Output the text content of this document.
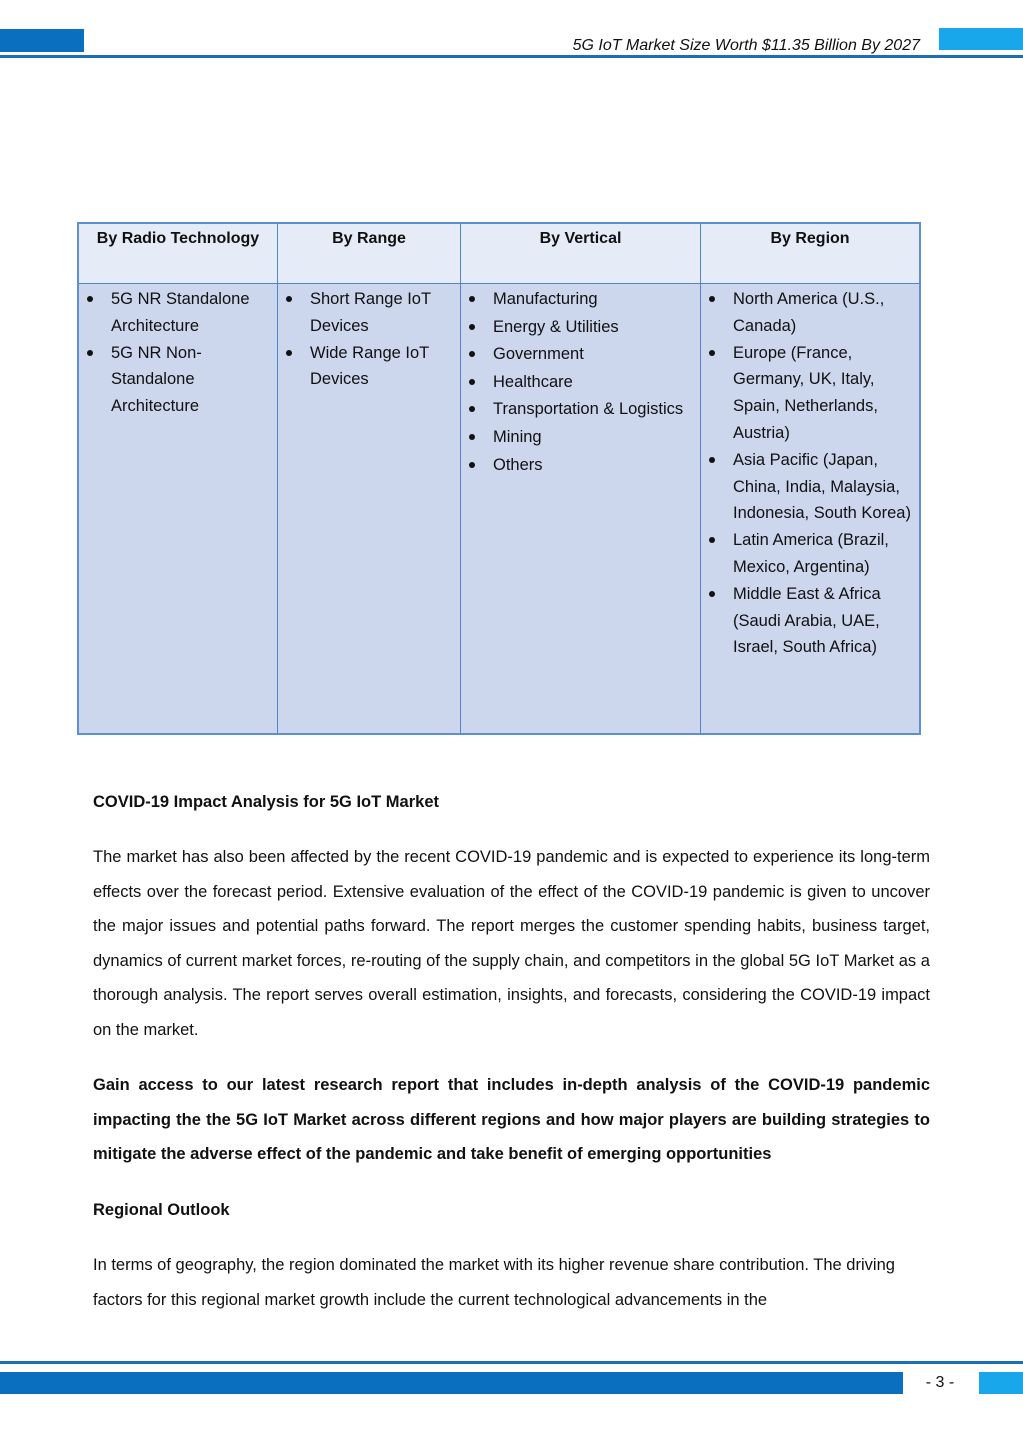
5G IoT Market Size Worth $11.35 Billion By 2027
By Radio Technology
5G NR Standalone Architecture
5G NR Non-Standalone Architecture
By Range
Short Range IoT Devices
Wide Range IoT Devices
By Vertical
Manufacturing
Energy & Utilities
Government
Healthcare
Transportation & Logistics
Mining
Others
By Region
North America (U.S., Canada)
Europe (France, Germany, UK, Italy, Spain, Netherlands, Austria)
Asia Pacific (Japan, China, India, Malaysia, Indonesia, South Korea)
Latin America (Brazil, Mexico, Argentina)
Middle East & Africa (Saudi Arabia, UAE, Israel, South Africa)
COVID-19 Impact Analysis for 5G IoT Market
The market has also been affected by the recent COVID-19 pandemic and is expected to experience its long-term effects over the forecast period. Extensive evaluation of the effect of the COVID-19 pandemic is given to uncover the major issues and potential paths forward. The report merges the customer spending habits, business target, dynamics of current market forces, re-routing of the supply chain, and competitors in the global 5G IoT Market as a thorough analysis. The report serves overall estimation, insights, and forecasts, considering the COVID-19 impact on the market.
Gain access to our latest research report that includes in-depth analysis of the COVID-19 pandemic impacting the the 5G IoT Market across different regions and how major players are building strategies to mitigate the adverse effect of the pandemic and take benefit of emerging opportunities
Regional Outlook
In terms of geography, the region dominated the market with its higher revenue share contribution. The driving factors for this regional market growth include the current technological advancements in the
- 3 -
